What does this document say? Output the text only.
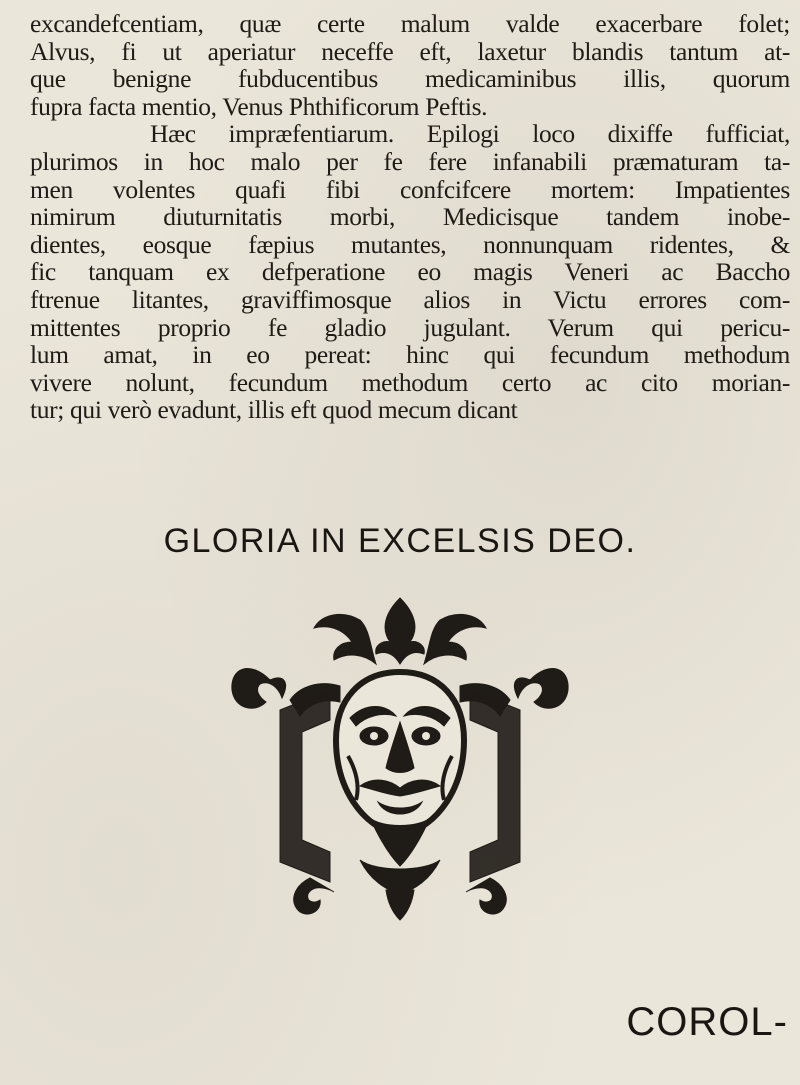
excandefcentiam, quæ certe malum valde exacerbare folet;
Alvus, fi ut aperiatur neceffe eft, laxetur blandis tantum at-
que benigne fubducentibus medicaminibus illis, quorum
fupra facta mentio, Venus Phthificorum Peftis.
Hæc impræfentiarum. Epilogi loco dixiffe fufficiat,
plurimos in hoc malo per fe fere infanabili præmaturam ta-
men volentes quafi fibi confcifcere mortem: Impatientes
nimirum diuturnitatis morbi, Medicisque tandem inobe-
dientes, eosque fæpius mutantes, nonnunquam ridentes, &
fic tanquam ex defperatione eo magis Veneri ac Baccho
ftrenue litantes, graviffimosque alios in Victu errores com-
mittentes proprio fe gladio jugulant. Verum qui pericu-
lum amat, in eo pereat: hinc qui fecundum methodum
vivere nolunt, fecundum methodum certo ac cito morian-
tur; qui verò evadunt, illis eft quod mecum dicant
GLORIA IN EXCELSIS DEO.
COROL-
